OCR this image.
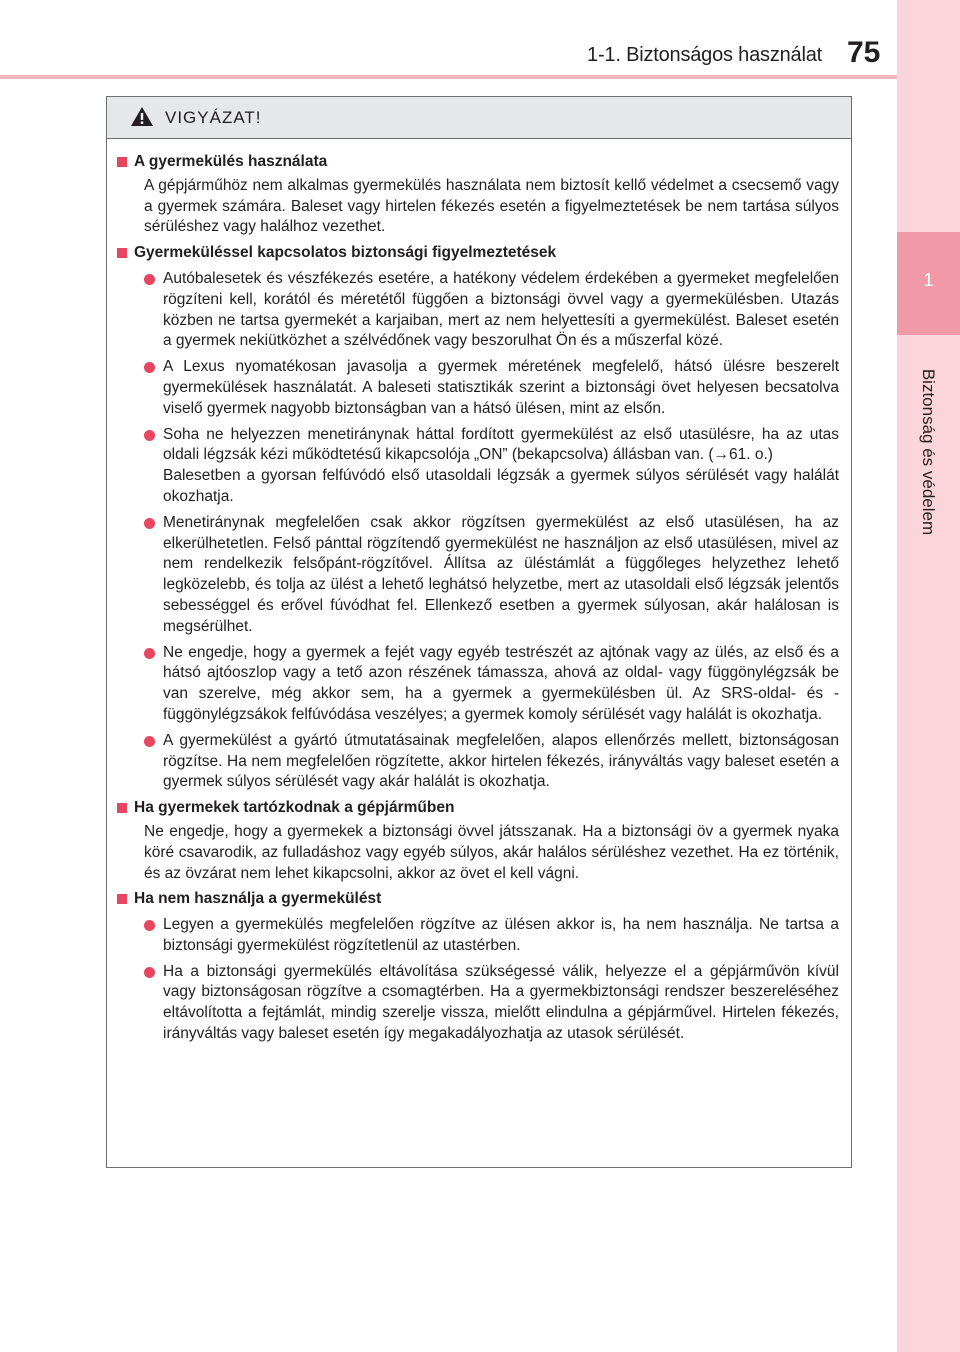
1-1. Biztonságos használat 75
1
Biztonság és védelem
VIGYÁZAT!
A gyermekülés használata
A gépjárműhöz nem alkalmas gyermekülés használata nem biztosít kellő védelmet a csecsemő vagy a gyermek számára. Baleset vagy hirtelen fékezés esetén a figyelmeztetések be nem tartása súlyos sérüléshez vagy halálhoz vezethet.
Gyermeküléssel kapcsolatos biztonsági figyelmeztetések
Autóbalesetek és vészfékezés esetére, a hatékony védelem érdekében a gyermeket megfelelően rögzíteni kell, korától és méretétől függően a biztonsági övvel vagy a gyermekülésben. Utazás közben ne tartsa gyermekét a karjaiban, mert az nem helyettesíti a gyermekülést. Baleset esetén a gyermek nekiütközhet a szélvédőnek vagy beszorulhat Ön és a műszerfal közé.
A Lexus nyomatékosan javasolja a gyermek méretének megfelelő, hátsó ülésre beszerelt gyermekülések használatát. A baleseti statisztikák szerint a biztonsági övet helyesen becsatolva viselő gyermek nagyobb biztonságban van a hátsó ülésen, mint az elsőn.
Soha ne helyezzen menetiránynak háttal fordított gyermekülést az első utasülésre, ha az utas oldali légzsák kézi működtetésű kikapcsolója „ON” (bekapcsolva) állásban van. (→61. o.)
Balesetben a gyorsan felfúvódó első utasoldali légzsák a gyermek súlyos sérülését vagy halálát okozhatja.
Menetiránynak megfelelően csak akkor rögzítsen gyermekülést az első utasülésen, ha az elkerülhetetlen. Felső pánttal rögzítendő gyermekülést ne használjon az első utasülésen, mivel az nem rendelkezik felsőpánt-rögzítővel. Állítsa az üléstámlát a függőleges helyzethez lehető legközelebb, és tolja az ülést a lehető leghátsó helyzetbe, mert az utasoldali első légzsák jelentős sebességgel és erővel fúvódhat fel. Ellenkező esetben a gyermek súlyosan, akár halálosan is megsérülhet.
Ne engedje, hogy a gyermek a fejét vagy egyéb testrészét az ajtónak vagy az ülés, az első és a hátsó ajtóoszlop vagy a tető azon részének támassza, ahová az oldal- vagy függönylégzsák be van szerelve, még akkor sem, ha a gyermek a gyermekülésben ül. Az SRS-oldal- és -függönylégzsákok felfúvódása veszélyes; a gyermek komoly sérülését vagy halálát is okozhatja.
A gyermekülést a gyártó útmutatásainak megfelelően, alapos ellenőrzés mellett, biztonságosan rögzítse. Ha nem megfelelően rögzítette, akkor hirtelen fékezés, irányváltás vagy baleset esetén a gyermek súlyos sérülését vagy akár halálát is okozhatja.
Ha gyermekek tartózkodnak a gépjárműben
Ne engedje, hogy a gyermekek a biztonsági övvel játsszanak. Ha a biztonsági öv a gyermek nyaka köré csavarodik, az fulladáshoz vagy egyéb súlyos, akár halálos sérüléshez vezethet. Ha ez történik, és az övzárat nem lehet kikapcsolni, akkor az övet el kell vágni.
Ha nem használja a gyermekülést
Legyen a gyermekülés megfelelően rögzítve az ülésen akkor is, ha nem használja. Ne tartsa a biztonsági gyermekülést rögzítetlenül az utastérben.
Ha a biztonsági gyermekülés eltávolítása szükségessé válik, helyezze el a gépjárművön kívül vagy biztonságosan rögzítve a csomagtérben. Ha a gyermekbiztonsági rendszer beszereléséhez eltávolította a fejtámlát, mindig szerelje vissza, mielőtt elindulna a gépjárművel. Hirtelen fékezés, irányváltás vagy baleset esetén így megakadályozhatja az utasok sérülését.
